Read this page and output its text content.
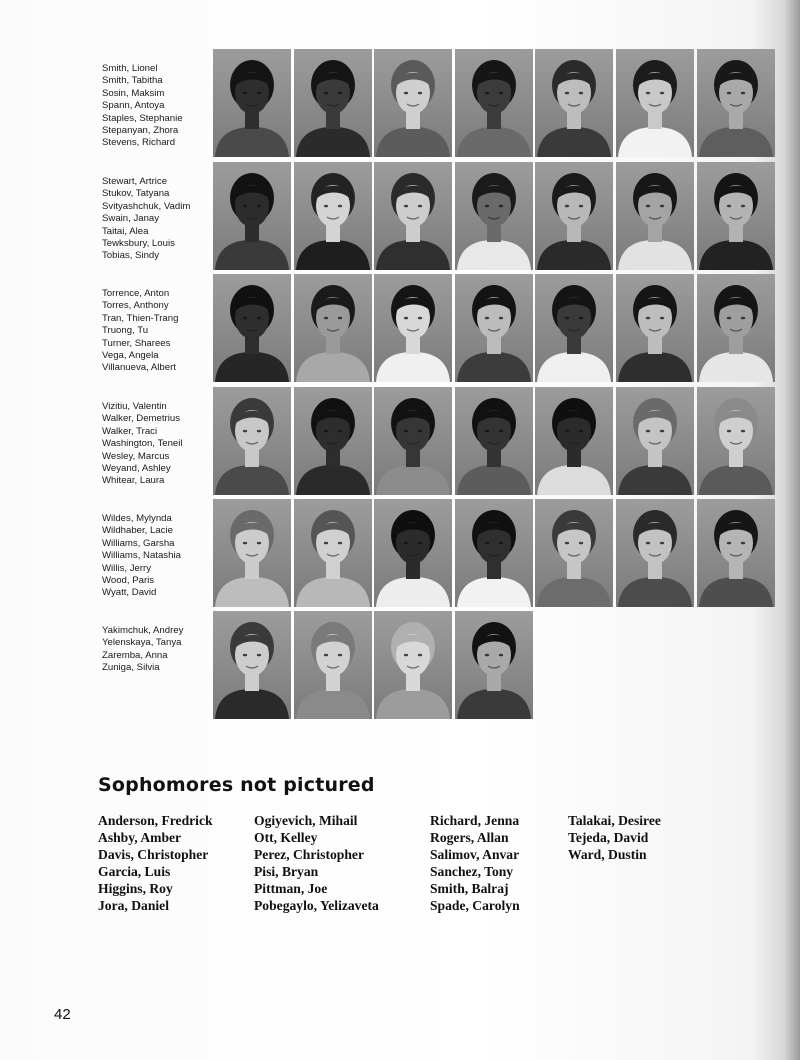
Smith, Lionel
Smith, Tabitha
Sosin, Maksim
Spann, Antoya
Staples, Stephanie
Stepanyan, Zhora
Stevens, Richard
Stewart, Artrice
Stukov, Tatyana
Svityashchuk, Vadim
Swain, Janay
Taitai, Alea
Tewksbury, Louis
Tobias, Sindy
Torrence, Anton
Torres, Anthony
Tran, Thien-Trang
Truong, Tu
Turner, Sharees
Vega, Angela
Villanueva, Albert
Vizitiu, Valentin
Walker, Demetrius
Walker, Traci
Washington, Teneil
Wesley, Marcus
Weyand, Ashley
Whitear, Laura
Wildes, Mylynda
Wildhaber, Lacie
Williams, Garsha
Williams, Natashia
Willis, Jerry
Wood, Paris
Wyatt, David
Yakimchuk, Andrey
Yelenskaya, Tanya
Zaremba, Anna
Zuniga, Silvia
Sophomores not pictured
Anderson, Fredrick
Ashby, Amber
Davis, Christopher
Garcia, Luis
Higgins, Roy
Jora, Daniel
Ogiyevich, Mihail
Ott, Kelley
Perez, Christopher
Pisi, Bryan
Pittman, Joe
Pobegaylo, Yelizaveta
Richard, Jenna
Rogers, Allan
Salimov, Anvar
Sanchez, Tony
Smith, Balraj
Spade, Carolyn
Talakai, Desiree
Tejeda, David
Ward, Dustin
42
